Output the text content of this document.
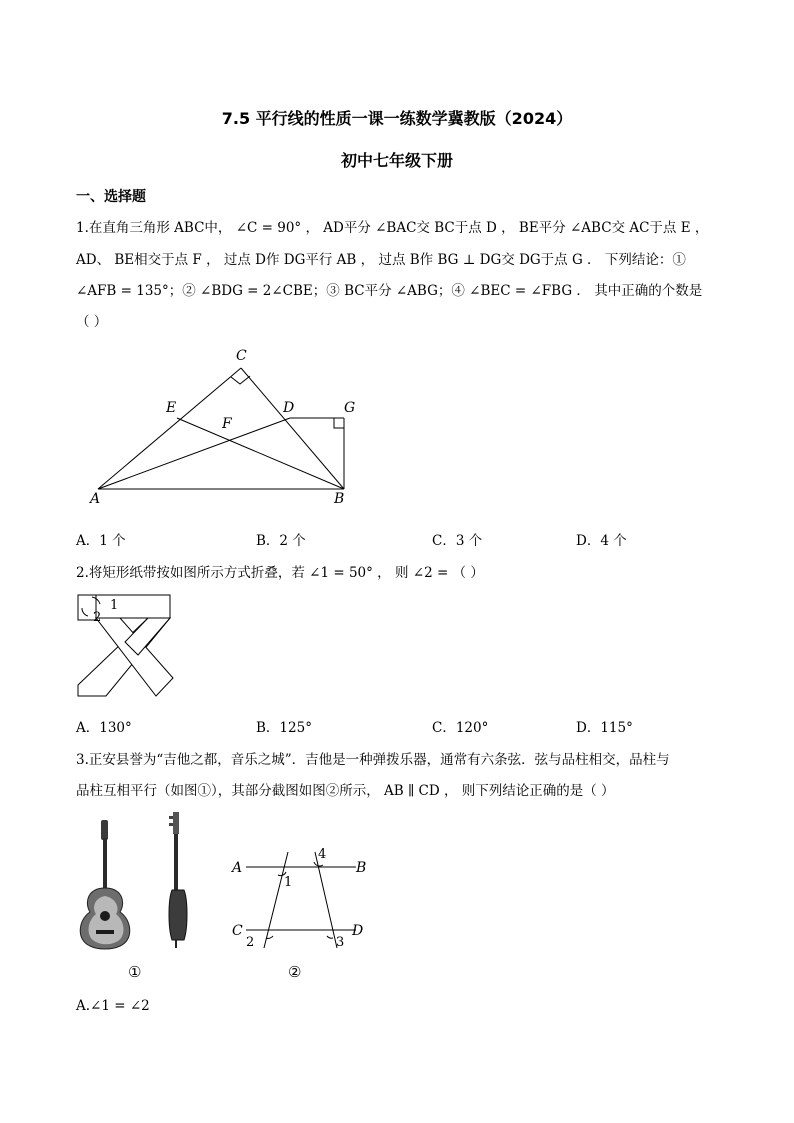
7.5 平行线的性质一课一练数学冀教版（2024）
初中七年级下册
一、选择题
1.在直角三角形 ABC中， ∠C = 90° ， AD平分 ∠BAC交 BC于点 D ， BE平分 ∠ABC交 AC于点 E ，
AD、 BE相交于点 F ， 过点 D作 DG平行 AB ， 过点 B作 BG ⊥ DG交 DG于点 G ． 下列结论：①
∠AFB = 135°；② ∠BDG = 2∠CBE；③ BC平分 ∠ABG；④ ∠BEC = ∠FBG ． 其中正确的个数是
（ ）
A	B
C
D
E
F
G
A．1 个	B．2 个	C．3 个	D．4 个
2.将矩形纸带按如图所示方式折叠，若 ∠1 = 50° ， 则 ∠2 = （ ）
1
2
A．130°	B．125°	C．120°	D．115°
3.正安县誉为“吉他之都，音乐之城”．吉他是一种弹拨乐器，通常有六条弦．弦与品柱相交，品柱与
品柱互相平行（如图①），其部分截图如图②所示， AB ∥ CD ， 则下列结论正确的是（ ）
A	B
C	D
1
2	3
4
①	②
A.∠1 = ∠2
